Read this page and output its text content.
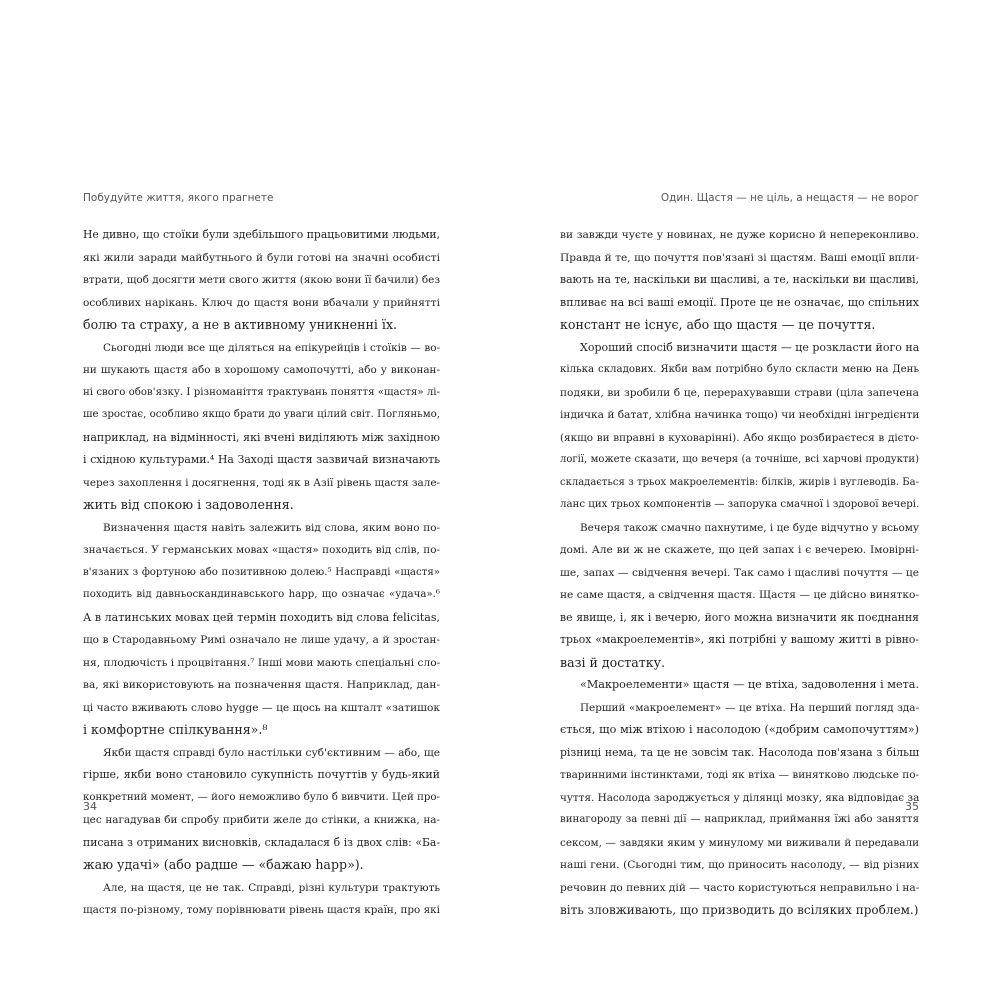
Побудуйте життя, якого прагнете
Не дивно, що стоїки були здебільшого працьовитими людьми,
які жили заради майбутнього й були готові на значні особисті
втрати, щоб досягти мети свого життя (якою вони її бачили) без
особливих нарікань. Ключ до щастя вони вбачали у прийнятті
болю та страху, а не в активному уникненні їх.
Сьогодні люди все ще діляться на епікурейців і стоїків — во-
ни шукають щастя або в хорошому самопочутті, або у виконан-
ні свого обов'язку. І різноманіття трактувань поняття «щастя» лі-
ше зростає, особливо якщо брати до уваги цілий світ. Погляньмо,
наприклад, на відмінності, які вчені виділяють між західною
і східною культурами.⁴ На Заході щастя зазвичай визначають
через захоплення і досягнення, тоді як в Азії рівень щастя зале-
жить від спокою і задоволення.
Визначення щастя навіть залежить від слова, яким воно по-
значається. У германських мовах «щастя» походить від слів, по-
в'язаних з фортуною або позитивною долею.⁵ Насправді «щастя»
походить від давньоскандинавського happ, що означає «удача».⁶
А в латинських мовах цей термін походить від слова felicitas,
що в Стародавньому Римі означало не лише удачу, а й зростан-
ня, плодючість і процвітання.⁷ Інші мови мають спеціальні сло-
ва, які використовують на позначення щастя. Наприклад, дан-
ці часто вживають слово hygge — це щось на кшталт «затишок
і комфортне спілкування».⁸
Якби щастя справді було настільки суб'єктивним — або, ще
гірше, якби воно становило сукупність почуттів у будь-який
конкретний момент, — його неможливо було б вивчити. Цей про-
цес нагадував би спробу прибити желе до стінки, а книжка, на-
писана з отриманих висновків, складалася б із двох слів: «Ба-
жаю удачі» (або радше — «бажаю happ»).
Але, на щастя, це не так. Справді, різні культури трактують
щастя по-різному, тому порівнювати рівень щастя країн, про які
34
Один. Щастя — не ціль, а нещастя — не ворог
ви завжди чуєте у новинах, не дуже корисно й непереконливо.
Правда й те, що почуття пов'язані зі щастям. Ваші емоції впли-
вають на те, наскільки ви щасливі, а те, наскільки ви щасливі,
впливає на всі ваші емоції. Проте це не означає, що спільних
констант не існує, або що щастя — це почуття.
Хороший спосіб визначити щастя — це розкласти його на
кілька складових. Якби вам потрібно було скласти меню на День
подяки, ви зробили б це, перерахувавши страви (ціла запечена
індичка й батат, хлібна начинка тощо) чи необхідні інгредієнти
(якщо ви вправні в куховарінні). Або якщо розбираєтеся в дієто-
логії, можете сказати, що вечеря (а точніше, всі харчові продукти)
складається з трьох макроелементів: білків, жирів і вуглеводів. Ба-
ланс цих трьох компонентів — запорука смачної і здорової вечері.
Вечеря також смачно пахнутиме, і це буде відчутно у всьому
домі. Але ви ж не скажете, що цей запах і є вечерею. Імовірні-
ше, запах — свідчення вечері. Так само і щасливі почуття — це
не саме щастя, а свідчення щастя. Щастя — це дійсно винятко-
ве явище, і, як і вечерю, його можна визначити як поєднання
трьох «макроелементів», які потрібні у вашому житті в рівно-
вазі й достатку.
«Макроелементи» щастя — це втіха, задоволення і мета.
Перший «макроелемент» — це втіха. На перший погляд зда-
ється, що між втіхою і насолодою («добрим самопочуттям»)
різниці нема, та це не зовсім так. Насолода пов'язана з більш
тваринними інстинктами, тоді як втіха — винятково людське по-
чуття. Насолода зароджується у ділянці мозку, яка відповідає за
винагороду за певні дії — наприклад, приймання їжі або заняття
сексом, — завдяки яким у минулому ми виживали й передавали
наші гени. (Сьогодні тим, що приносить насолоду, — від різних
речовин до певних дій — часто користуються неправильно і на-
віть зловживають, що призводить до всіляких проблем.)
35
